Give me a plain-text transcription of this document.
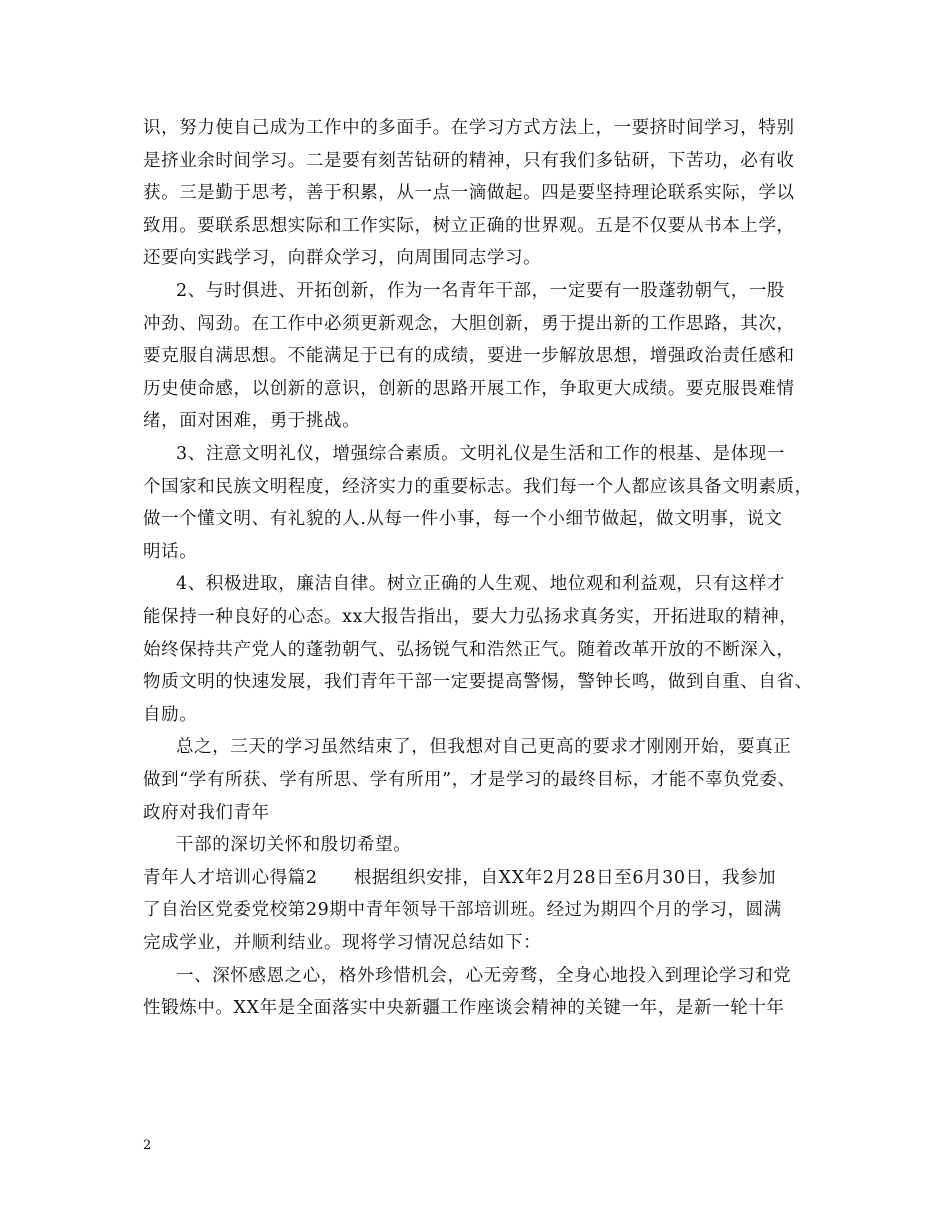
识，努力使自己成为工作中的多面手。在学习方式方法上，一要挤时间学习，特别
是挤业余时间学习。二是要有刻苦钻研的精神，只有我们多钻研，下苦功，必有收
获。三是勤于思考，善于积累，从一点一滴做起。四是要坚持理论联系实际，学以
致用。要联系思想实际和工作实际，树立正确的世界观。五是不仅要从书本上学，
还要向实践学习，向群众学习，向周围同志学习。
2、与时俱进、开拓创新，作为一名青年干部，一定要有一股蓬勃朝气，一股
冲劲、闯劲。在工作中必须更新观念，大胆创新，勇于提出新的工作思路，其次，
要克服自满思想。不能满足于已有的成绩，要进一步解放思想，增强政治责任感和
历史使命感，以创新的意识，创新的思路开展工作，争取更大成绩。要克服畏难情
绪，面对困难，勇于挑战。
3、注意文明礼仪，增强综合素质。文明礼仪是生活和工作的根基、是体现一
个国家和民族文明程度，经济实力的重要标志。我们每一个人都应该具备文明素质，
做一个懂文明、有礼貌的人.从每一件小事，每一个小细节做起，做文明事，说文
明话。
4、积极进取，廉洁自律。树立正确的人生观、地位观和利益观，只有这样才
能保持一种良好的心态。xx大报告指出，要大力弘扬求真务实，开拓进取的精神，
始终保持共产党人的蓬勃朝气、弘扬锐气和浩然正气。随着改革开放的不断深入，
物质文明的快速发展，我们青年干部一定要提高警惕，警钟长鸣，做到自重、自省、
自励。
总之，三天的学习虽然结束了，但我想对自己更高的要求才刚刚开始，要真正
做到“学有所获、学有所思、学有所用”，才是学习的最终目标，才能不辜负党委、
政府对我们青年
干部的深切关怀和殷切希望。
青年人才培训心得篇2　　根据组织安排，自XX年2月28日至6月30日，我参加
了自治区党委党校第29期中青年领导干部培训班。经过为期四个月的学习，圆满
完成学业，并顺利结业。现将学习情况总结如下：
一、深怀感恩之心，格外珍惜机会，心无旁骛，全身心地投入到理论学习和党
性锻炼中。XX年是全面落实中央新疆工作座谈会精神的关键一年，是新一轮十年
2
